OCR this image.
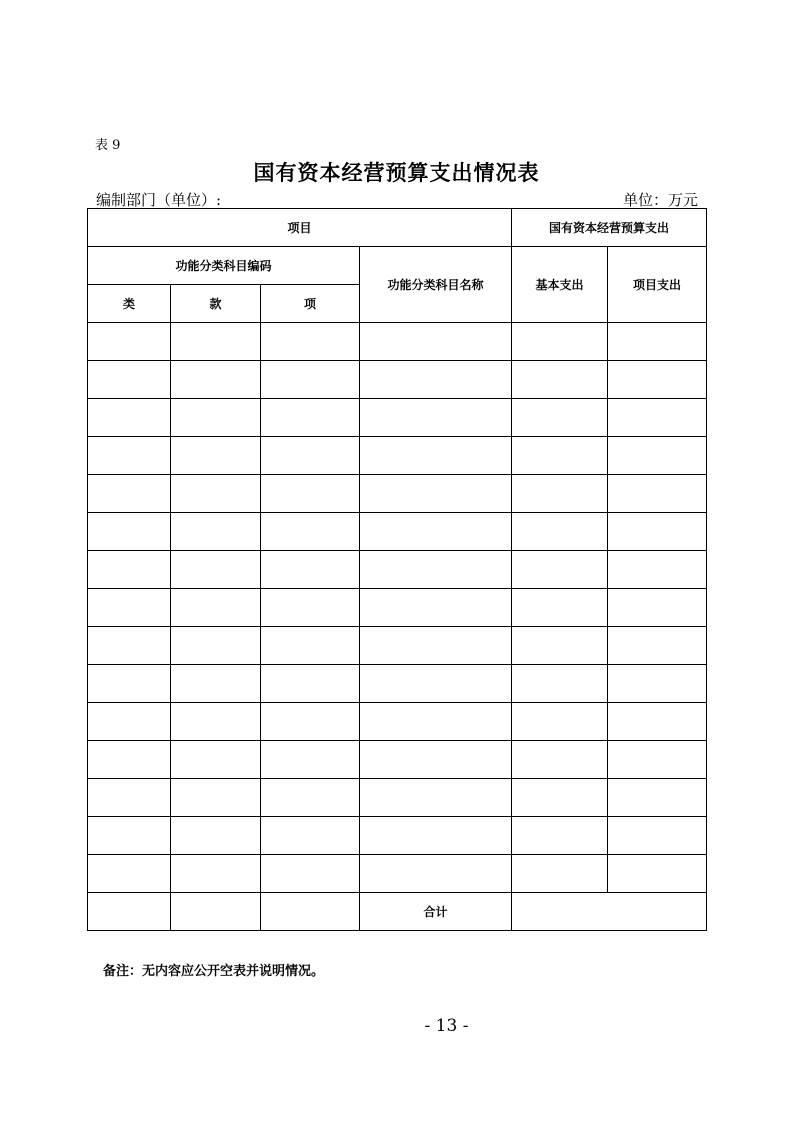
表 9
国有资本经营预算支出情况表
编制部门（单位）:	单位：万元
项目				国有资本经营预算支出	
功能分类科目编码			功能分类科目名称	基本支出	项目支出
类	款	项			

			合计		
备注：无内容应公开空表并说明情况。
- 13 -
